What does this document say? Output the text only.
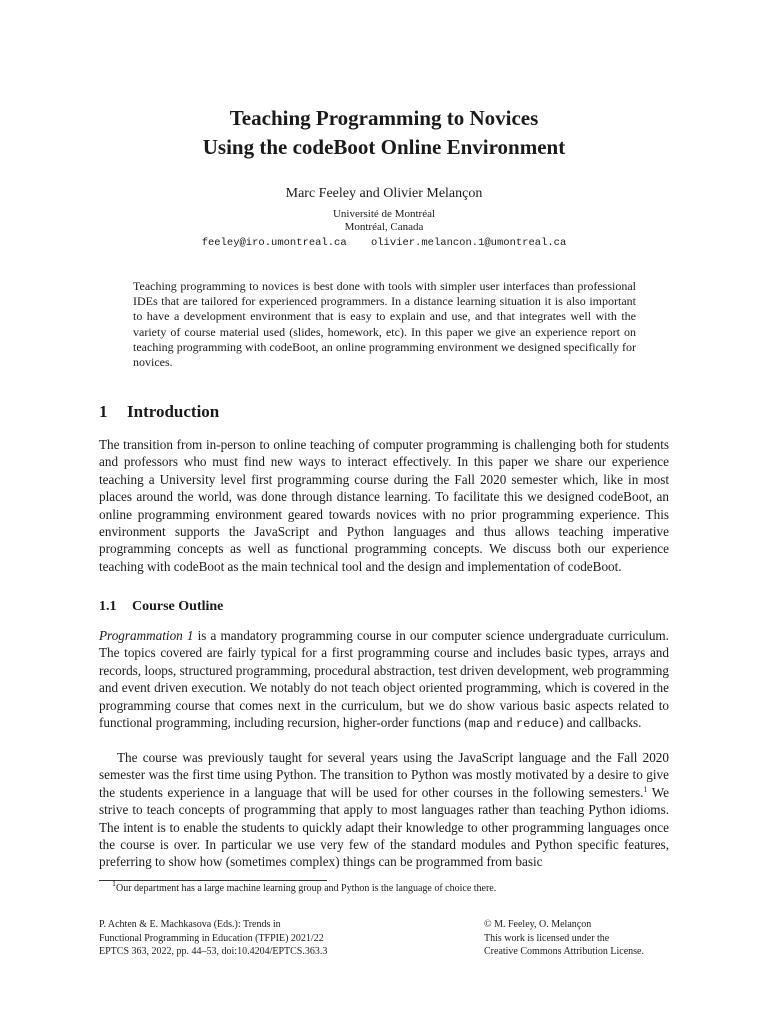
Teaching Programming to Novices
Using the codeBoot Online Environment
Marc Feeley and Olivier Melançon
Université de Montréal
Montréal, Canada
feeley@iro.umontreal.ca olivier.melancon.1@umontreal.ca
Teaching programming to novices is best done with tools with simpler user interfaces than professional IDEs that are tailored for experienced programmers. In a distance learning situation it is also important to have a development environment that is easy to explain and use, and that integrates well with the variety of course material used (slides, homework, etc). In this paper we give an experience report on teaching programming with codeBoot, an online programming environment we designed specifically for novices.
1 Introduction
The transition from in-person to online teaching of computer programming is challenging both for students and professors who must find new ways to interact effectively. In this paper we share our experience teaching a University level first programming course during the Fall 2020 semester which, like in most places around the world, was done through distance learning. To facilitate this we designed codeBoot, an online programming environment geared towards novices with no prior programming experience. This environment supports the JavaScript and Python languages and thus allows teaching imperative programming concepts as well as functional programming concepts. We discuss both our experience teaching with codeBoot as the main technical tool and the design and implementation of codeBoot.
1.1 Course Outline
Programmation 1 is a mandatory programming course in our computer science undergraduate curriculum. The topics covered are fairly typical for a first programming course and includes basic types, arrays and records, loops, structured programming, procedural abstraction, test driven development, web programming and event driven execution. We notably do not teach object oriented programming, which is covered in the programming course that comes next in the curriculum, but we do show various basic aspects related to functional programming, including recursion, higher-order functions (map and reduce) and callbacks.
The course was previously taught for several years using the JavaScript language and the Fall 2020 semester was the first time using Python. The transition to Python was mostly motivated by a desire to give the students experience in a language that will be used for other courses in the following semesters.$^1$ We strive to teach concepts of programming that apply to most languages rather than teaching Python idioms. The intent is to enable the students to quickly adapt their knowledge to other programming languages once the course is over. In particular we use very few of the standard modules and Python specific features, preferring to show how (sometimes complex) things can be programmed from basic
$^1$Our department has a large machine learning group and Python is the language of choice there.
P. Achten & E. Machkasova (Eds.): Trends in
Functional Programming in Education (TFPIE) 2021/22
EPTCS 363, 2022, pp. 44–53, doi:10.4204/EPTCS.363.3
© M. Feeley, O. Melançon
This work is licensed under the
Creative Commons Attribution License.
